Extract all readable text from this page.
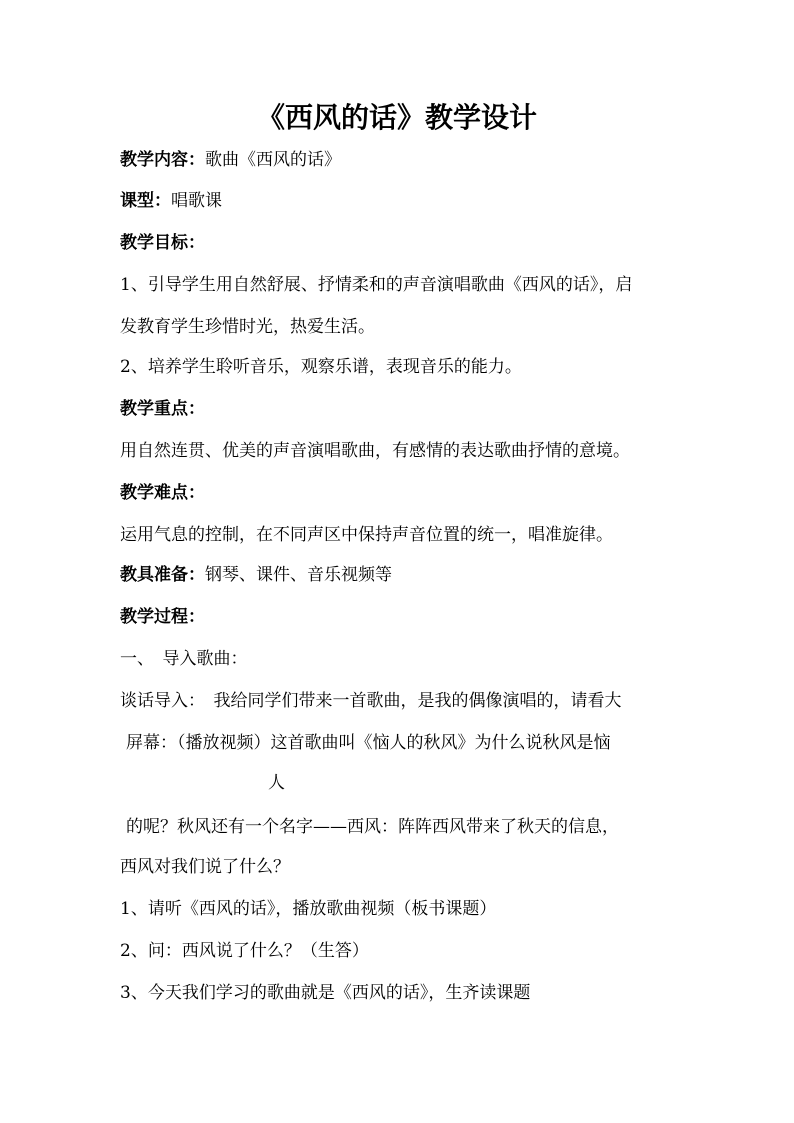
《西风的话》教学设计
教学内容：歌曲《西风的话》
课型：唱歌课
教学目标：
1、引导学生用自然舒展、抒情柔和的声音演唱歌曲《西风的话》，启
发教育学生珍惜时光，热爱生活。
2、培养学生聆听音乐，观察乐谱，表现音乐的能力。
教学重点：
用自然连贯、优美的声音演唱歌曲，有感情的表达歌曲抒情的意境。
教学难点：
运用气息的控制，在不同声区中保持声音位置的统一，唱准旋律。
教具准备：钢琴、课件、音乐视频等
教学过程：
一、　导入歌曲：
谈话导入：　我给同学们带来一首歌曲，是我的偶像演唱的，请看大
屏幕：（播放视频）这首歌曲叫《恼人的秋风》为什么说秋风是恼
人
的呢？秋风还有一个名字——西风：阵阵西风带来了秋天的信息，
西风对我们说了什么？
1、请听《西风的话》，播放歌曲视频（板书课题）
2、问：西风说了什么？（生答）
3、今天我们学习的歌曲就是《西风的话》，生齐读课题
